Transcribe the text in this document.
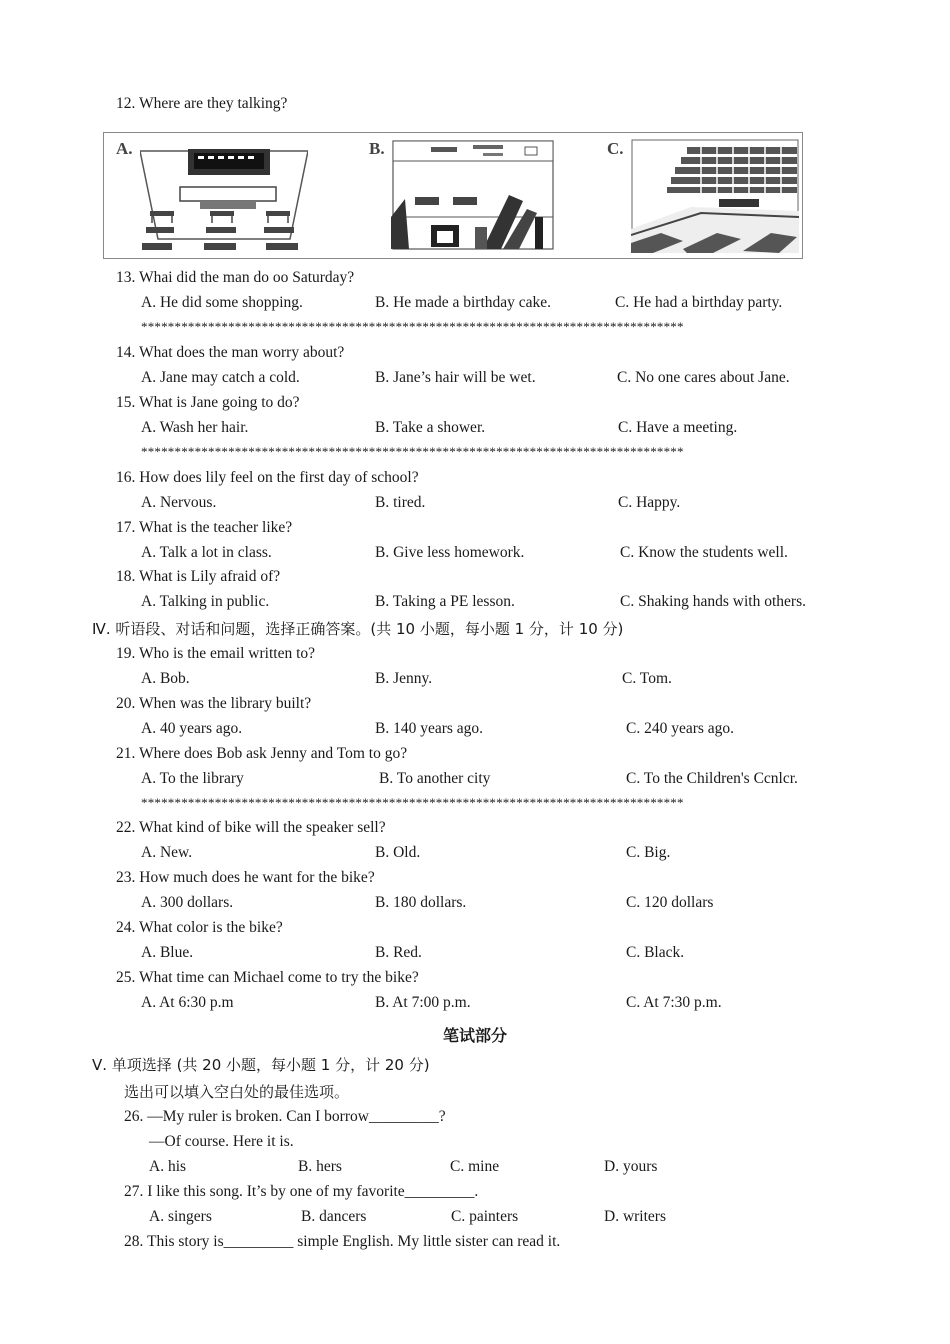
12. Where are they talking?
A.	B.	C.
13. Whai did the man do oo Saturday?
A. He did some shopping.	B. He made a birthday cake.	C. He had a birthday party.
*********************************************************************************
14. What does the man worry about?
A. Jane may catch a cold.	B. Jane’s hair will be wet.	C. No one cares about Jane.
15. What is Jane going to do?
A. Wash her hair.	B. Take a shower.	C. Have a meeting.
*********************************************************************************
16. How does lily feel on the first day of school?
A. Nervous.	B. tired.	C. Happy.
17. What is the teacher like?
A. Talk a lot in class.	B. Give less homework.	C. Know the students well.
18. What is Lily afraid of?
A. Talking in public.	B. Taking a PE lesson.	C. Shaking hands with others.
Ⅳ. 听语段、对话和问题，选择正确答案。(共 10 小题，每小题 1 分，计 10 分)
19. Who is the email written to?
A. Bob.	B. Jenny.	C. Tom.
20. When was the library built?
A. 40 years ago.	B. 140 years ago.	C. 240 years ago.
21. Where does Bob ask Jenny and Tom to go?
A. To the library	B. To another city	C. To the Children's Ccnlcr.
*********************************************************************************
22. What kind of bike will the speaker sell?
A. New.	B. Old.	C. Big.
23. How much does he want for the bike?
A. 300 dollars.	B. 180 dollars.	C. 120 dollars
24. What color is the bike?
A. Blue.	B. Red.	C. Black.
25. What time can Michael come to try the bike?
A. At 6:30 p.m	B. At 7:00 p.m.	C. At 7:30 p.m.
笔试部分
Ⅴ. 单项选择 (共 20 小题，每小题 1 分，计 20 分)
选出可以填入空白处的最佳选项。
26. —My ruler is broken. Can I borrow_________?
—Of course. Here it is.
A. his	B. hers	C. mine	D. yours
27. I like this song. It’s by one of my favorite_________.
A. singers	B. dancers	C. painters	D. writers
28. This story is_________ simple English. My little sister can read it.
